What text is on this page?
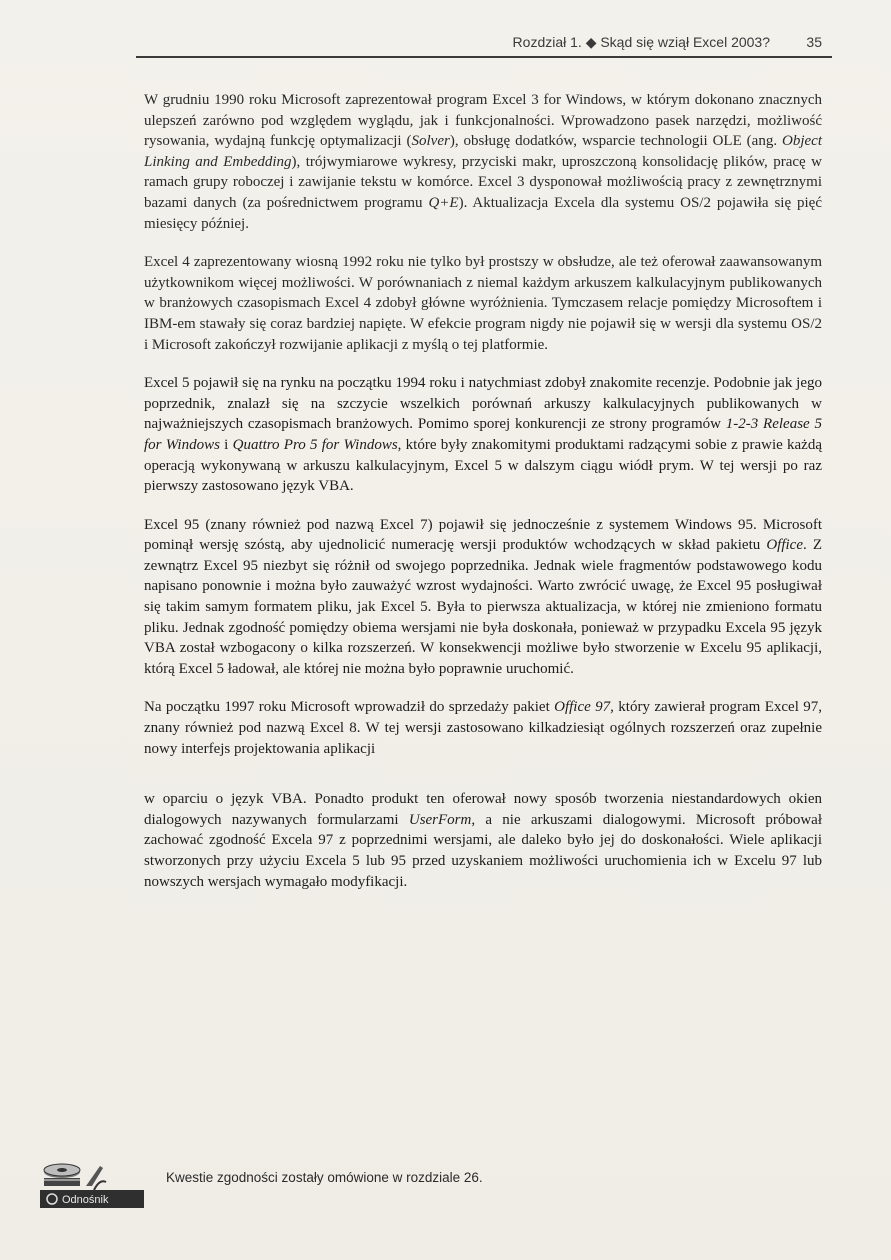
Rozdział 1. ◆ Skąd się wziął Excel 2003?	35

W grudniu 1990 roku Microsoft zaprezentował program Excel 3 for Windows, w którym dokonano znacznych ulepszeń zarówno pod względem wyglądu, jak i funkcjonalności. Wprowadzono pasek narzędzi, możliwość rysowania, wydajną funkcję optymalizacji (Solver), obsługę dodatków, wsparcie technologii OLE (ang. Object Linking and Embedding), trójwymiarowe wykresy, przyciski makr, uproszczoną konsolidację plików, pracę w ramach grupy roboczej i zawijanie tekstu w komórce. Excel 3 dysponował możliwością pracy z zewnętrznymi bazami danych (za pośrednictwem programu Q+E). Aktualizacja Excela dla systemu OS/2 pojawiła się pięć miesięcy później.

Excel 4 zaprezentowany wiosną 1992 roku nie tylko był prostszy w obsłudze, ale też oferował zaawansowanym użytkownikom więcej możliwości. W porównaniach z niemal każdym arkuszem kalkulacyjnym publikowanych w branżowych czasopismach Excel 4 zdobył główne wyróżnienia. Tymczasem relacje pomiędzy Microsoftem i IBM-em stawały się coraz bardziej napięte. W efekcie program nigdy nie pojawił się w wersji dla systemu OS/2 i Microsoft zakończył rozwijanie aplikacji z myślą o tej platformie.

Excel 5 pojawił się na rynku na początku 1994 roku i natychmiast zdobył znakomite recenzje. Podobnie jak jego poprzednik, znalazł się na szczycie wszelkich porównań arkuszy kalkulacyjnych publikowanych w najważniejszych czasopismach branżowych. Pomimo sporej konkurencji ze strony programów 1-2-3 Release 5 for Windows i Quattro Pro 5 for Windows, które były znakomitymi produktami radzącymi sobie z prawie każdą operacją wykonywaną w arkuszu kalkulacyjnym, Excel 5 w dalszym ciągu wiódł prym. W tej wersji po raz pierwszy zastosowano język VBA.

Excel 95 (znany również pod nazwą Excel 7) pojawił się jednocześnie z systemem Windows 95. Microsoft pominął wersję szóstą, aby ujednolicić numerację wersji produktów wchodzących w skład pakietu Office. Z zewnątrz Excel 95 niezbyt się różnił od swojego poprzednika. Jednak wiele fragmentów podstawowego kodu napisano ponownie i można było zauważyć wzrost wydajności. Warto zwrócić uwagę, że Excel 95 posługiwał się takim samym formatem pliku, jak Excel 5. Była to pierwsza aktualizacja, w której nie zmieniono formatu pliku. Jednak zgodność pomiędzy obiema wersjami nie była doskonała, ponieważ w przypadku Excela 95 język VBA został wzbogacony o kilka rozszerzeń. W konsekwencji możliwe było stworzenie w Excelu 95 aplikacji, którą Excel 5 ładował, ale której nie można było poprawnie uruchomić.

Na początku 1997 roku Microsoft wprowadził do sprzedaży pakiet Office 97, który zawierał program Excel 97, znany również pod nazwą Excel 8. W tej wersji zastosowano kilkadziesiąt ogólnych rozszerzeń oraz zupełnie nowy interfejs projektowania aplikacji

w oparciu o język VBA. Ponadto produkt ten oferował nowy sposób tworzenia niestandardowych okien dialogowych nazywanych formularzami UserForm, a nie arkuszami dialogowymi. Microsoft próbował zachować zgodność Excela 97 z poprzednimi wersjami, ale daleko było jej do doskonałości. Wiele aplikacji stworzonych przy użyciu Excela 5 lub 95 przed uzyskaniem możliwości uruchomienia ich w Excelu 97 lub nowszych wersjach wymagało modyfikacji.

Odnośnik
Kwestie zgodności zostały omówione w rozdziale 26.
